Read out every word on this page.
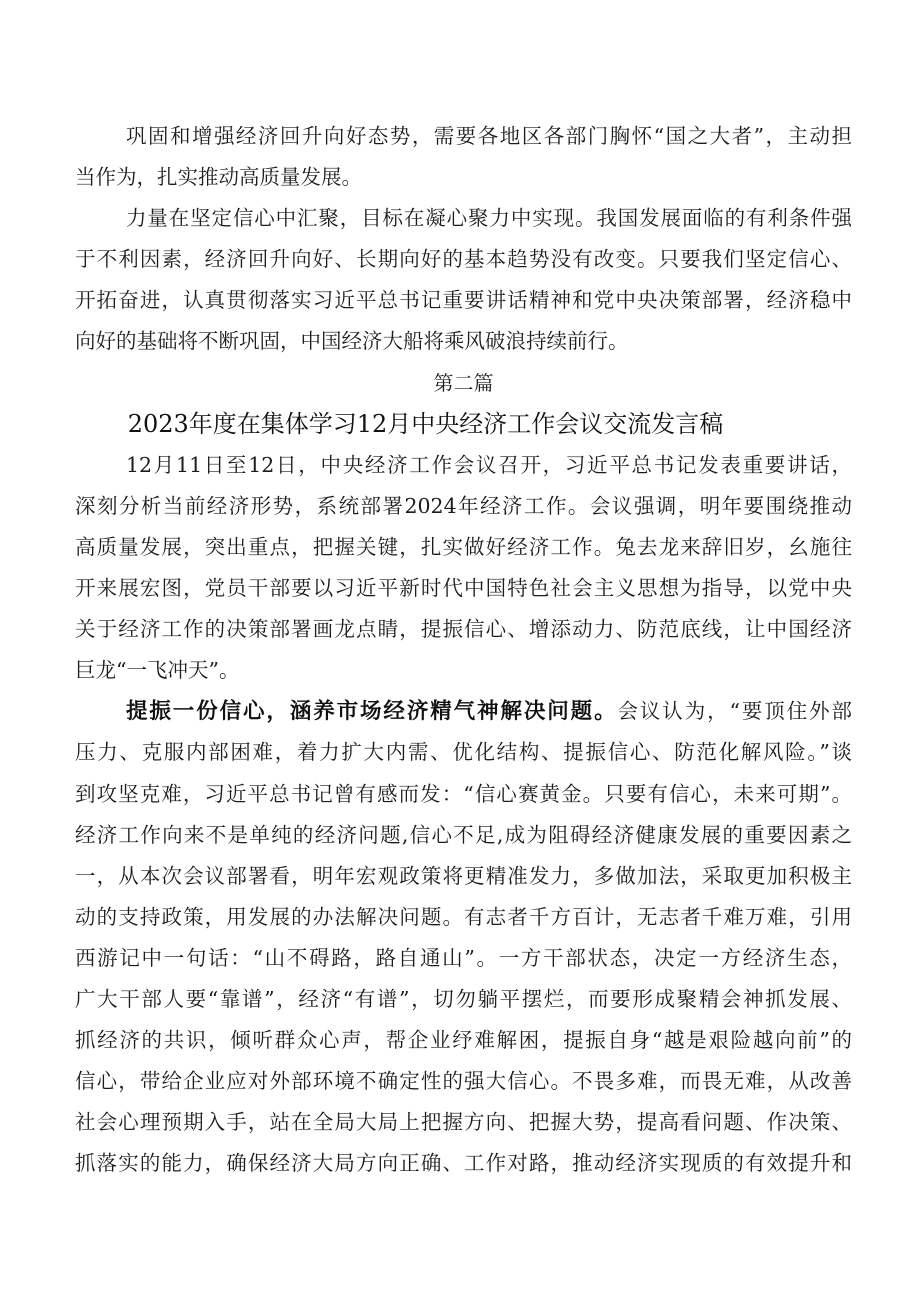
巩固和增强经济回升向好态势，需要各地区各部门胸怀“国之大者”，主动担
当作为，扎实推动高质量发展。
力量在坚定信心中汇聚，目标在凝心聚力中实现。我国发展面临的有利条件强
于不利因素，经济回升向好、长期向好的基本趋势没有改变。只要我们坚定信心、
开拓奋进，认真贯彻落实习近平总书记重要讲话精神和党中央决策部署，经济稳中
向好的基础将不断巩固，中国经济大船将乘风破浪持续前行。
第二篇
2023年度在集体学习12月中央经济工作会议交流发言稿
12月11日至12日，中央经济工作会议召开，习近平总书记发表重要讲话，
深刻分析当前经济形势，系统部署2024年经济工作。会议强调，明年要围绕推动
高质量发展，突出重点，把握关键，扎实做好经济工作。兔去龙来辞旧岁，幺施往
开来展宏图，党员干部要以习近平新时代中国特色社会主义思想为指导，以党中央
关于经济工作的决策部署画龙点睛，提振信心、增添动力、防范底线，让中国经济
巨龙“一飞冲天”。
提振一份信心，涵养市场经济精气神解决问题。会议认为，“要顶住外部
压力、克服内部困难，着力扩大内需、优化结构、提振信心、防范化解风险。”谈
到攻坚克难，习近平总书记曾有感而发：“信心赛黄金。只要有信心，未来可期”。
经济工作向来不是单纯的经济问题,信心不足,成为阻碍经济健康发展的重要因素之
一，从本次会议部署看，明年宏观政策将更精准发力，多做加法，采取更加积极主
动的支持政策，用发展的办法解决问题。有志者千方百计，无志者千难万难，引用
西游记中一句话：“山不碍路，路自通山”。一方干部状态，决定一方经济生态，
广大干部人要“靠谱”，经济“有谱”，切勿躺平摆烂，而要形成聚精会神抓发展、
抓经济的共识，倾听群众心声，帮企业纾难解困，提振自身“越是艰险越向前”的
信心，带给企业应对外部环境不确定性的强大信心。不畏多难，而畏无难，从改善
社会心理预期入手，站在全局大局上把握方向、把握大势，提高看问题、作决策、
抓落实的能力，确保经济大局方向正确、工作对路，推动经济实现质的有效提升和
